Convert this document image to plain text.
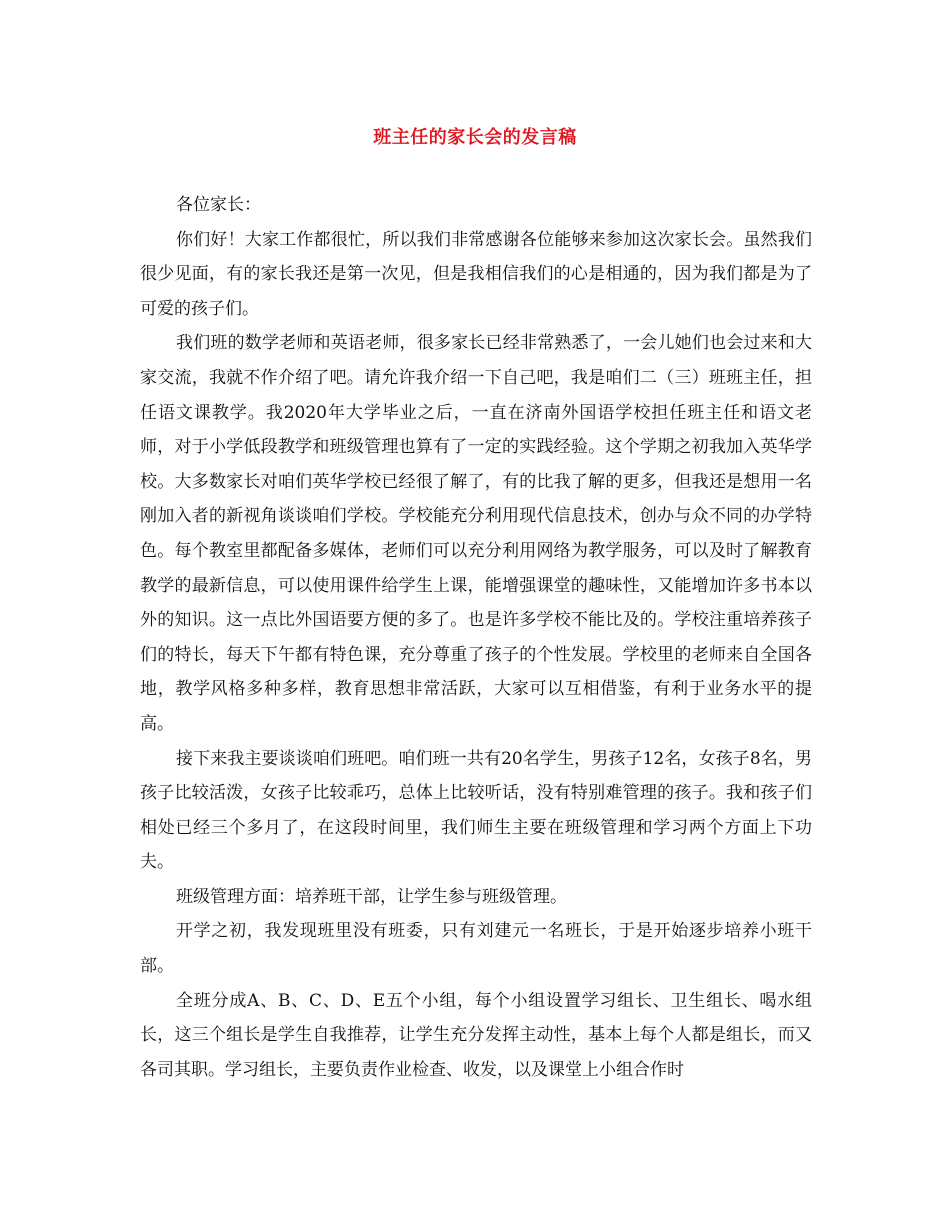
班主任的家长会的发言稿

各位家长：

你们好！大家工作都很忙，所以我们非常感谢各位能够来参加这次家长会。虽然我们很少见面，有的家长我还是第一次见，但是我相信我们的心是相通的，因为我们都是为了可爱的孩子们。

我们班的数学老师和英语老师，很多家长已经非常熟悉了，一会儿她们也会过来和大家交流，我就不作介绍了吧。请允许我介绍一下自己吧，我是咱们二（三）班班主任，担任语文课教学。我2020年大学毕业之后，一直在济南外国语学校担任班主任和语文老师，对于小学低段教学和班级管理也算有了一定的实践经验。这个学期之初我加入英华学校。大多数家长对咱们英华学校已经很了解了，有的比我了解的更多，但我还是想用一名刚加入者的新视角谈谈咱们学校。学校能充分利用现代信息技术，创办与众不同的办学特色。每个教室里都配备多媒体，老师们可以充分利用网络为教学服务，可以及时了解教育教学的最新信息，可以使用课件给学生上课，能增强课堂的趣味性，又能增加许多书本以外的知识。这一点比外国语要方便的多了。也是许多学校不能比及的。学校注重培养孩子们的特长，每天下午都有特色课，充分尊重了孩子的个性发展。学校里的老师来自全国各地，教学风格多种多样，教育思想非常活跃，大家可以互相借鉴，有利于业务水平的提高。

接下来我主要谈谈咱们班吧。咱们班一共有20名学生，男孩子12名，女孩子8名，男孩子比较活泼，女孩子比较乖巧，总体上比较听话，没有特别难管理的孩子。我和孩子们相处已经三个多月了，在这段时间里，我们师生主要在班级管理和学习两个方面上下功夫。

班级管理方面：培养班干部，让学生参与班级管理。

开学之初，我发现班里没有班委，只有刘建元一名班长，于是开始逐步培养小班干部。

全班分成A、B、C、D、E五个小组，每个小组设置学习组长、卫生组长、喝水组长，这三个组长是学生自我推荐，让学生充分发挥主动性，基本上每个人都是组长，而又各司其职。学习组长，主要负责作业检查、收发，以及课堂上小组合作时
